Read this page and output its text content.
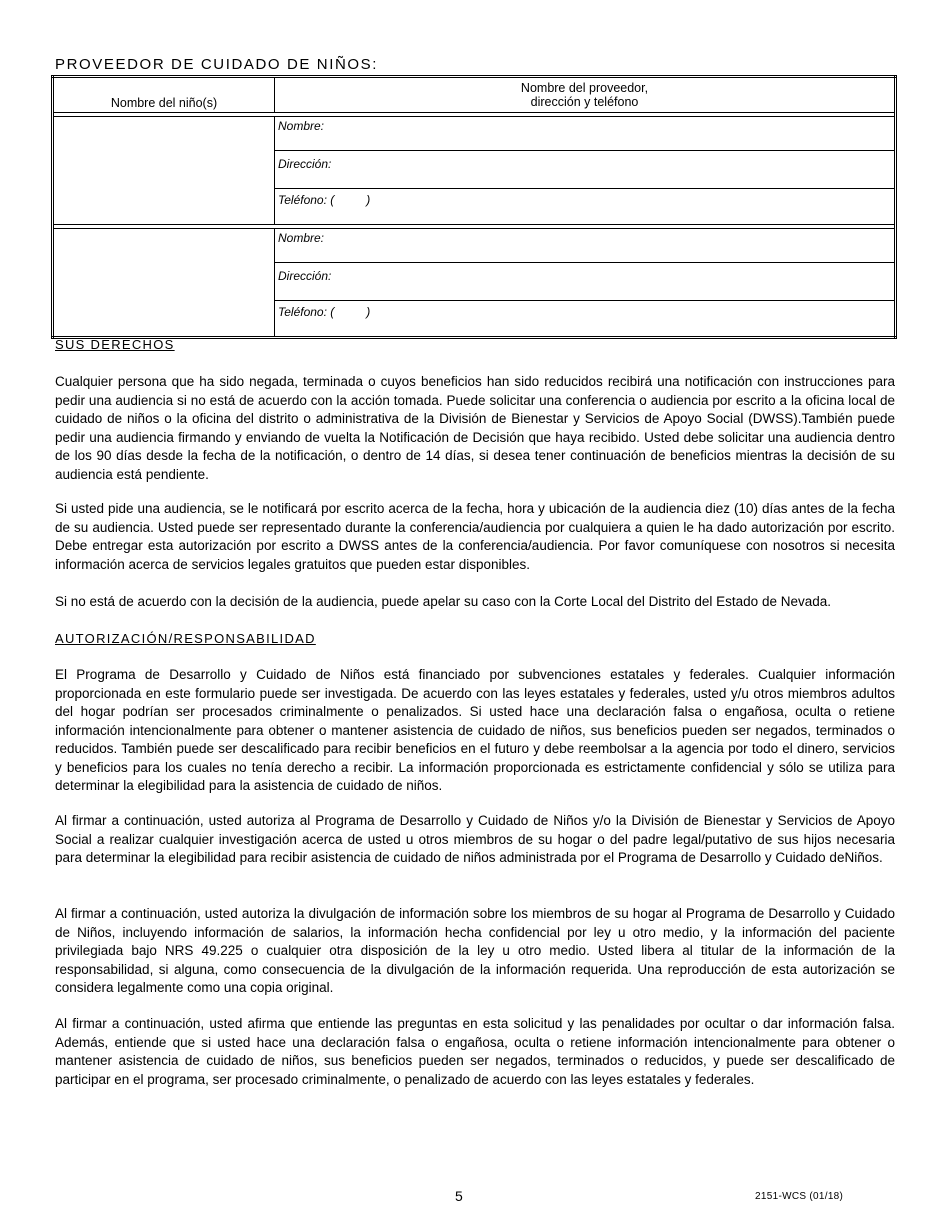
PROVEEDOR DE CUIDADO DE NIÑOS:
Nombre del niño(s)	Nombre del proveedor,
dirección y teléfono

	Nombre:
	Dirección:
	Teléfono: ( )

	Nombre:
	Dirección:
	Teléfono: ( )
SUS DERECHOS

Cualquier persona que ha sido negada, terminada o cuyos beneficios han sido reducidos recibirá una notificación con instrucciones para pedir una audiencia si no está de acuerdo con la acción tomada. Puede solicitar una conferencia o audiencia por escrito a la oficina local de cuidado de niños o la oficina del distrito o administrativa de la División de Bienestar y Servicios de Apoyo Social (DWSS).También puede pedir una audiencia firmando y enviando de vuelta la Notificación de Decisión que haya recibido. Usted debe solicitar una audiencia dentro de los 90 días desde la fecha de la notificación, o dentro de 14 días, si desea tener continuación de beneficios mientras la decisión de su audiencia está pendiente.

Si usted pide una audiencia, se le notificará por escrito acerca de la fecha, hora y ubicación de la audiencia diez (10) días antes de la fecha de su audiencia. Usted puede ser representado durante la conferencia/audiencia por cualquiera a quien le ha dado autorización por escrito. Debe entregar esta autorización por escrito a DWSS antes de la conferencia/audiencia. Por favor comuníquese con nosotros si necesita información acerca de servicios legales gratuitos que pueden estar disponibles.

Si no está de acuerdo con la decisión de la audiencia, puede apelar su caso con la Corte Local del Distrito del Estado de Nevada.

AUTORIZACIÓN/RESPONSABILIDAD

El Programa de Desarrollo y Cuidado de Niños está financiado por subvenciones estatales y federales. Cualquier información proporcionada en este formulario puede ser investigada. De acuerdo con las leyes estatales y federales, usted y/u otros miembros adultos del hogar podrían ser procesados criminalmente o penalizados. Si usted hace una declaración falsa o engañosa, oculta o retiene información intencionalmente para obtener o mantener asistencia de cuidado de niños, sus beneficios pueden ser negados, terminados o reducidos. También puede ser descalificado para recibir beneficios en el futuro y debe reembolsar a la agencia por todo el dinero, servicios y beneficios para los cuales no tenía derecho a recibir. La información proporcionada es estrictamente confidencial y sólo se utiliza para determinar la elegibilidad para la asistencia de cuidado de niños.

Al firmar a continuación, usted autoriza al Programa de Desarrollo y Cuidado de Niños y/o la División de Bienestar y Servicios de Apoyo Social a realizar cualquier investigación acerca de usted u otros miembros de su hogar o del padre legal/putativo de sus hijos necesaria para determinar la elegibilidad para recibir asistencia de cuidado de niños administrada por el Programa de Desarrollo y Cuidado deNiños.

Al firmar a continuación, usted autoriza la divulgación de información sobre los miembros de su hogar al Programa de Desarrollo y Cuidado de Niños, incluyendo información de salarios, la información hecha confidencial por ley u otro medio, y la información del paciente privilegiada bajo NRS 49.225 o cualquier otra disposición de la ley u otro medio. Usted libera al titular de la información de la responsabilidad, si alguna, como consecuencia de la divulgación de la información requerida. Una reproducción de esta autorización se considera legalmente como una copia original.

Al firmar a continuación, usted afirma que entiende las preguntas en esta solicitud y las penalidades por ocultar o dar información falsa. Además, entiende que si usted hace una declaración falsa o engañosa, oculta o retiene información intencionalmente para obtener o mantener asistencia de cuidado de niños, sus beneficios pueden ser negados, terminados o reducidos, y puede ser descalificado de participar en el programa, ser procesado criminalmente, o penalizado de acuerdo con las leyes estatales y federales.

5	2151-WCS (01/18)
